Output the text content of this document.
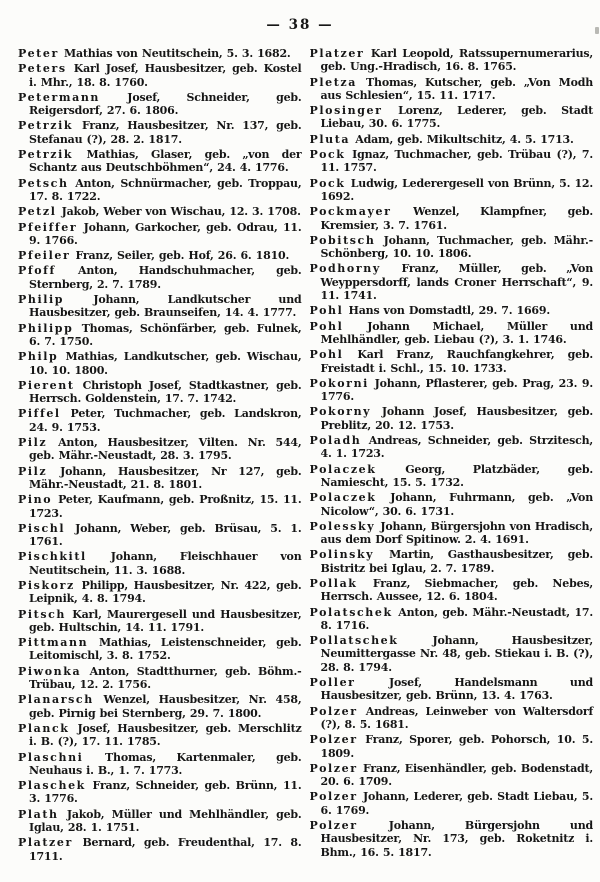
— 38 —

Peter Mathias von Neutitschein, 5. 3. 1682.

Peters Karl Josef, Hausbesitzer, geb. Kostel i. Mhr., 18. 8. 1760.

Petermann Josef, Schneider, geb. Reigersdorf, 27. 6. 1806.

Petrzik Franz, Hausbesitzer, Nr. 137, geb. Stefanau (?), 28. 2. 1817.

Petrzik Mathias, Glaser, geb. „von der Schantz aus Deutschböhmen“, 24. 4. 1776.

Petsch Anton, Schnürmacher, geb. Troppau, 17. 8. 1722.

Petzl Jakob, Weber von Wischau, 12. 3. 1708.

Pfeiffer Johann, Garkocher, geb. Odrau, 11. 9. 1766.

Pfeiler Franz, Seiler, geb. Hof, 26. 6. 1810.

Pfoff Anton, Handschuhmacher, geb. Sternberg, 2. 7. 1789.

Philip Johann, Landkutscher und Hausbesitzer, geb. Braunseifen, 14. 4. 1777.

Philipp Thomas, Schönfärber, geb. Fulnek, 6. 7. 1750.

Philp Mathias, Landkutscher, geb. Wischau, 10. 10. 1800.

Pierent Christoph Josef, Stadtkastner, geb. Herrsch. Goldenstein, 17. 7. 1742.

Piffel Peter, Tuchmacher, geb. Landskron, 24. 9. 1753.

Pilz Anton, Hausbesitzer, Vilten. Nr. 544, geb. Mähr.-Neustadt, 28. 3. 1795.

Pilz Johann, Hausbesitzer, Nr 127, geb. Mähr.-Neustadt, 21. 8. 1801.

Pino Peter, Kaufmann, geb. Proßnitz, 15. 11. 1723.

Pischl Johann, Weber, geb. Brüsau, 5. 1. 1761.

Pischkitl Johann, Fleischhauer von Neutitschein, 11. 3. 1688.

Piskorz Philipp, Hausbesitzer, Nr. 422, geb. Leipnik, 4. 8. 1794.

Pitsch Karl, Maurergesell und Hausbesitzer, geb. Hultschin, 14. 11. 1791.

Pittmann Mathias, Leistenschneider, geb. Leitomischl, 3. 8. 1752.

Piwonka Anton, Stadtthurner, geb. Böhm.-Trübau, 12. 2. 1756.

Planarsch Wenzel, Hausbesitzer, Nr. 458, geb. Pirnig bei Sternberg, 29. 7. 1800.

Planck Josef, Hausbesitzer, geb. Merschlitz i. B. (?), 17. 11. 1785.

Plaschni Thomas, Kartenmaler, geb. Neuhaus i. B., 1. 7. 1773.

Plaschek Franz, Schneider, geb. Brünn, 11. 3. 1776.

Plath Jakob, Müller und Mehlhändler, geb. Iglau, 28. 1. 1751.

Platzer Bernard, geb. Freudenthal, 17. 8. 1711.

Platzer Karl Leopold, Ratssupernumerarius, geb. Ung.-Hradisch, 16. 8. 1765.

Pletza Thomas, Kutscher, geb. „Von Modh aus Schlesien“, 15. 11. 1717.

Plosinger Lorenz, Lederer, geb. Stadt Liebau, 30. 6. 1775.

Pluta Adam, geb. Mikultschitz, 4. 5. 1713.

Pock Ignaz, Tuchmacher, geb. Trübau (?), 7. 11. 1757.

Pock Ludwig, Lederergesell von Brünn, 5. 12. 1692.

Pockmayer Wenzel, Klampfner, geb. Kremsier, 3. 7. 1761.

Pobitsch Johann, Tuchmacher, geb. Mähr.-Schönberg, 10. 10. 1806.

Podhorny Franz, Müller, geb. „Von Weyppersdorff, lands Croner Herrschaft“, 9. 11. 1741.

Pohl Hans von Domstadtl, 29. 7. 1669.

Pohl Johann Michael, Müller und Mehlhändler, geb. Liebau (?), 3. 1. 1746.

Pohl Karl Franz, Rauchfangkehrer, geb. Freistadt i. Schl., 15. 10. 1733.

Pokorni Johann, Pflasterer, geb. Prag, 23. 9. 1776.

Pokorny Johann Josef, Hausbesitzer, geb. Preblitz, 20. 12. 1753.

Poladh Andreas, Schneider, geb. Strzitesch, 4. 1. 1723.

Polaczek Georg, Platzbäder, geb. Namiescht, 15. 5. 1732.

Polaczek Johann, Fuhrmann, geb. „Von Nicolow“, 30. 6. 1731.

Polessky Johann, Bürgersjohn von Hradisch, aus dem Dorf Spitinow. 2. 4. 1691.

Polinsky Martin, Gasthausbesitzer, geb. Bistritz bei Iglau, 2. 7. 1789.

Pollak Franz, Siebmacher, geb. Nebes, Herrsch. Aussee, 12. 6. 1804.

Polatschek Anton, geb. Mähr.-Neustadt, 17. 8. 1716.

Pollatschek Johann, Hausbesitzer, Neumittergasse Nr. 48, geb. Stiekau i. B. (?), 28. 8. 1794.

Poller Josef, Handelsmann und Hausbesitzer, geb. Brünn, 13. 4. 1763.

Polzer Andreas, Leinweber von Waltersdorf (?), 8. 5. 1681.

Polzer Franz, Sporer, geb. Pohorsch, 10. 5. 1809.

Polzer Franz, Eisenhändler, geb. Bodenstadt, 20. 6. 1709.

Polzer Johann, Lederer, geb. Stadt Liebau, 5. 6. 1769.

Polzer Johann, Bürgersjohn und Hausbesitzer, Nr. 173, geb. Roketnitz i. Bhm., 16. 5. 1817.
